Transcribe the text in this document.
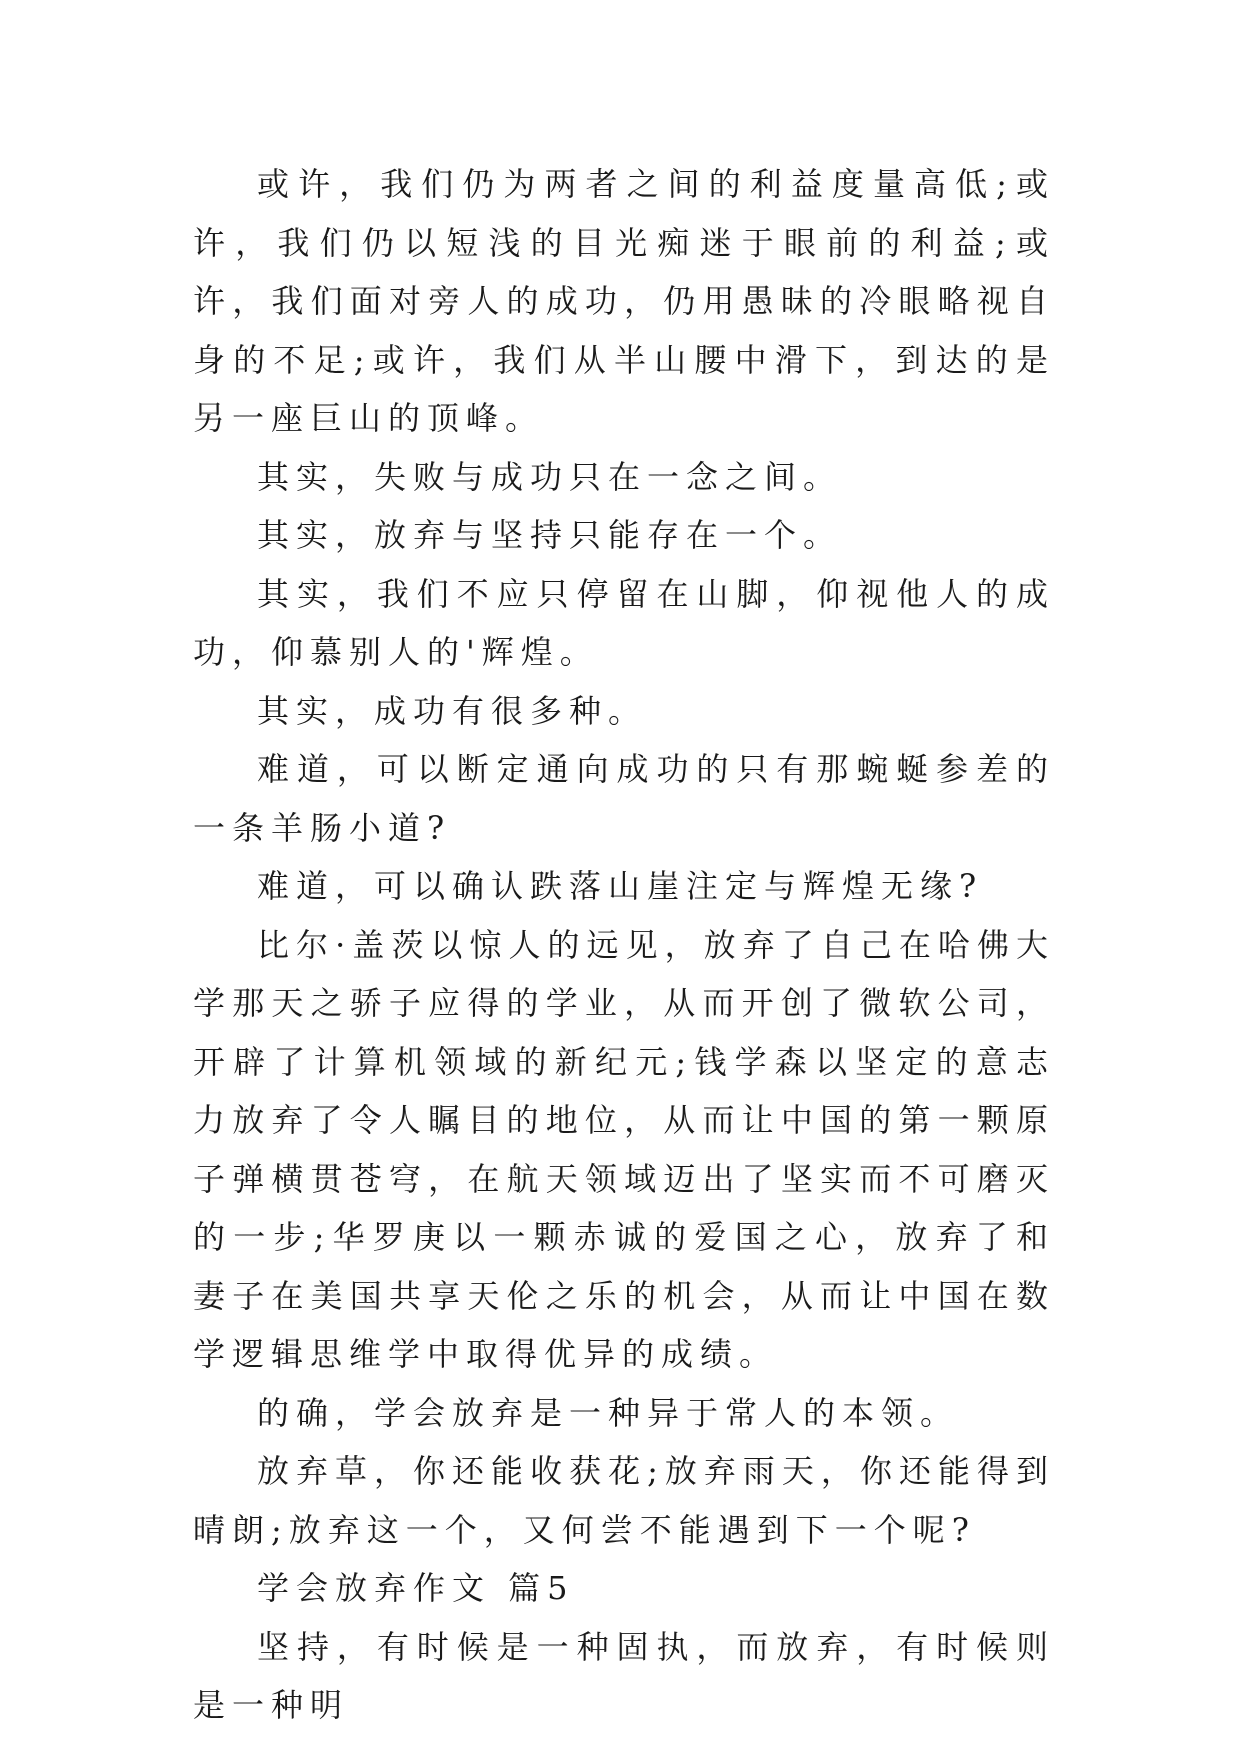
或许，我们仍为两者之间的利益度量高低;或许，我们仍以短浅的目光痴迷于眼前的利益;或许，我们面对旁人的成功，仍用愚昧的冷眼略视自身的不足;或许，我们从半山腰中滑下，到达的是另一座巨山的顶峰。

其实，失败与成功只在一念之间。

其实，放弃与坚持只能存在一个。

其实，我们不应只停留在山脚，仰视他人的成功，仰慕别人的'辉煌。

其实，成功有很多种。

难道，可以断定通向成功的只有那蜿蜒参差的一条羊肠小道?

难道，可以确认跌落山崖注定与辉煌无缘?

比尔·盖茨以惊人的远见，放弃了自己在哈佛大学那天之骄子应得的学业，从而开创了微软公司，开辟了计算机领域的新纪元;钱学森以坚定的意志力放弃了令人瞩目的地位，从而让中国的第一颗原子弹横贯苍穹，在航天领域迈出了坚实而不可磨灭的一步;华罗庚以一颗赤诚的爱国之心，放弃了和妻子在美国共享天伦之乐的机会，从而让中国在数学逻辑思维学中取得优异的成绩。

的确，学会放弃是一种异于常人的本领。

放弃草，你还能收获花;放弃雨天，你还能得到晴朗;放弃这一个，又何尝不能遇到下一个呢?

学会放弃作文 篇5

坚持，有时候是一种固执，而放弃，有时候则是一种明
